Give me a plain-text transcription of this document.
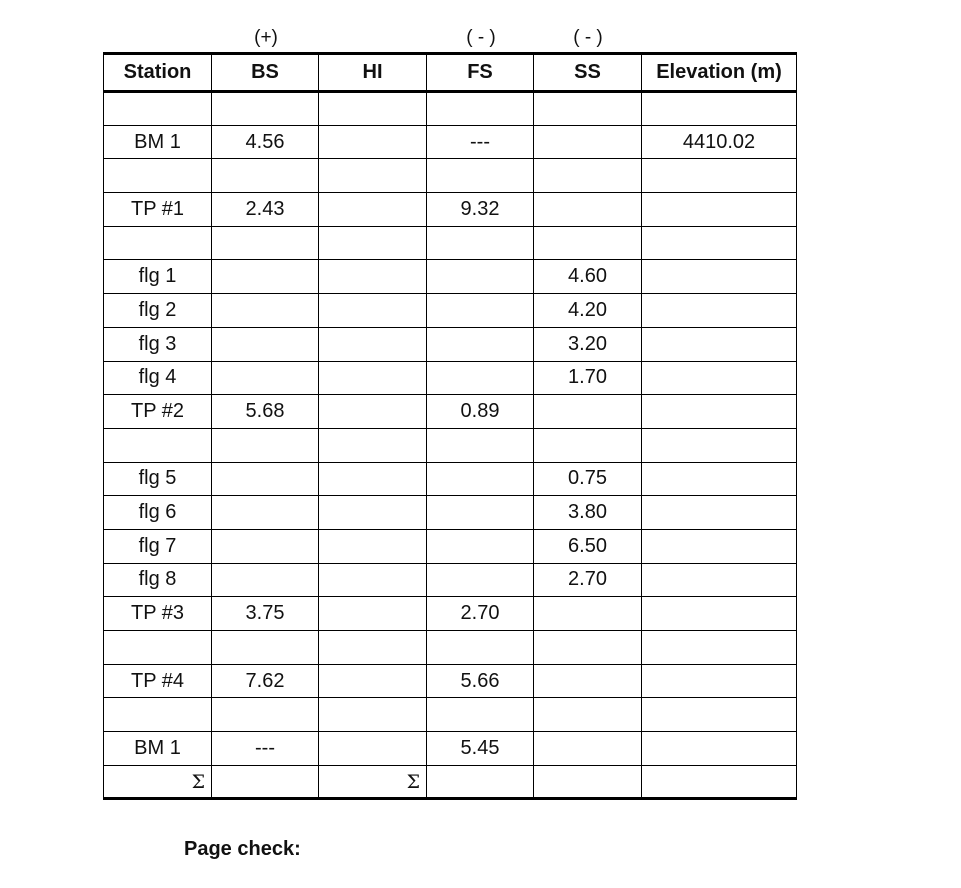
(+)	( - )	( - )
Station	BS	HI	FS	SS	Elevation (m)

BM 1	4.56		---		4410.02

TP #1	2.43		9.32		

flg 1				4.60	
flg 2				4.20	
flg 3				3.20	
flg 4				1.70	
TP #2	5.68		0.89		

flg 5				0.75	
flg 6				3.80	
flg 7				6.50	
flg 8				2.70	
TP #3	3.75		2.70		

TP #4	7.62		5.66		

BM 1	---		5.45		
Σ		Σ			
Page check:
